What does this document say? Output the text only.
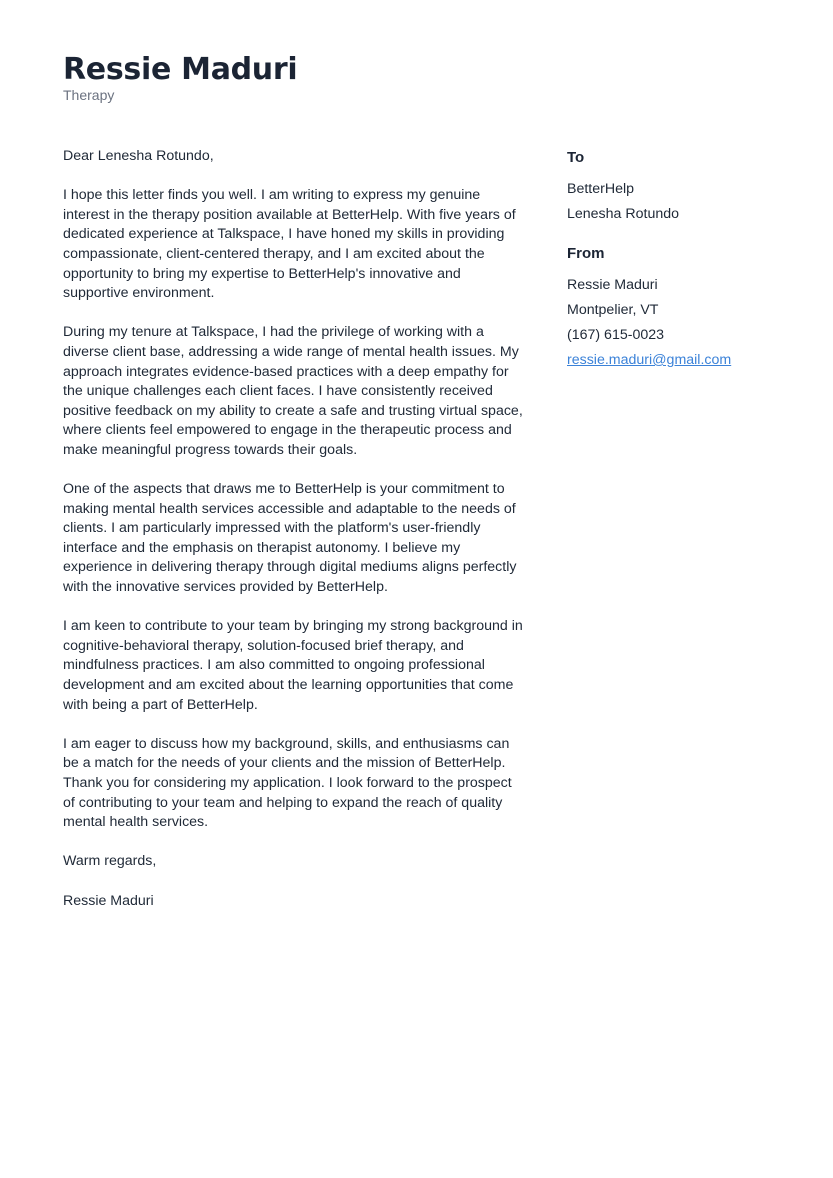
Ressie Maduri
Therapy

Dear Lenesha Rotundo,

I hope this letter finds you well. I am writing to express my genuine interest in the therapy position available at BetterHelp. With five years of dedicated experience at Talkspace, I have honed my skills in providing compassionate, client-centered therapy, and I am excited about the opportunity to bring my expertise to BetterHelp's innovative and supportive environment.

During my tenure at Talkspace, I had the privilege of working with a diverse client base, addressing a wide range of mental health issues. My approach integrates evidence-based practices with a deep empathy for the unique challenges each client faces. I have consistently received positive feedback on my ability to create a safe and trusting virtual space, where clients feel empowered to engage in the therapeutic process and make meaningful progress towards their goals.

One of the aspects that draws me to BetterHelp is your commitment to making mental health services accessible and adaptable to the needs of clients. I am particularly impressed with the platform's user-friendly interface and the emphasis on therapist autonomy. I believe my experience in delivering therapy through digital mediums aligns perfectly with the innovative services provided by BetterHelp.

I am keen to contribute to your team by bringing my strong background in cognitive-behavioral therapy, solution-focused brief therapy, and mindfulness practices. I am also committed to ongoing professional development and am excited about the learning opportunities that come with being a part of BetterHelp.

I am eager to discuss how my background, skills, and enthusiasms can be a match for the needs of your clients and the mission of BetterHelp. Thank you for considering my application. I look forward to the prospect of contributing to your team and helping to expand the reach of quality mental health services.

Warm regards,

Ressie Maduri

To
BetterHelp
Lenesha Rotundo
From
Ressie Maduri
Montpelier, VT
(167) 615-0023
ressie.maduri@gmail.com
